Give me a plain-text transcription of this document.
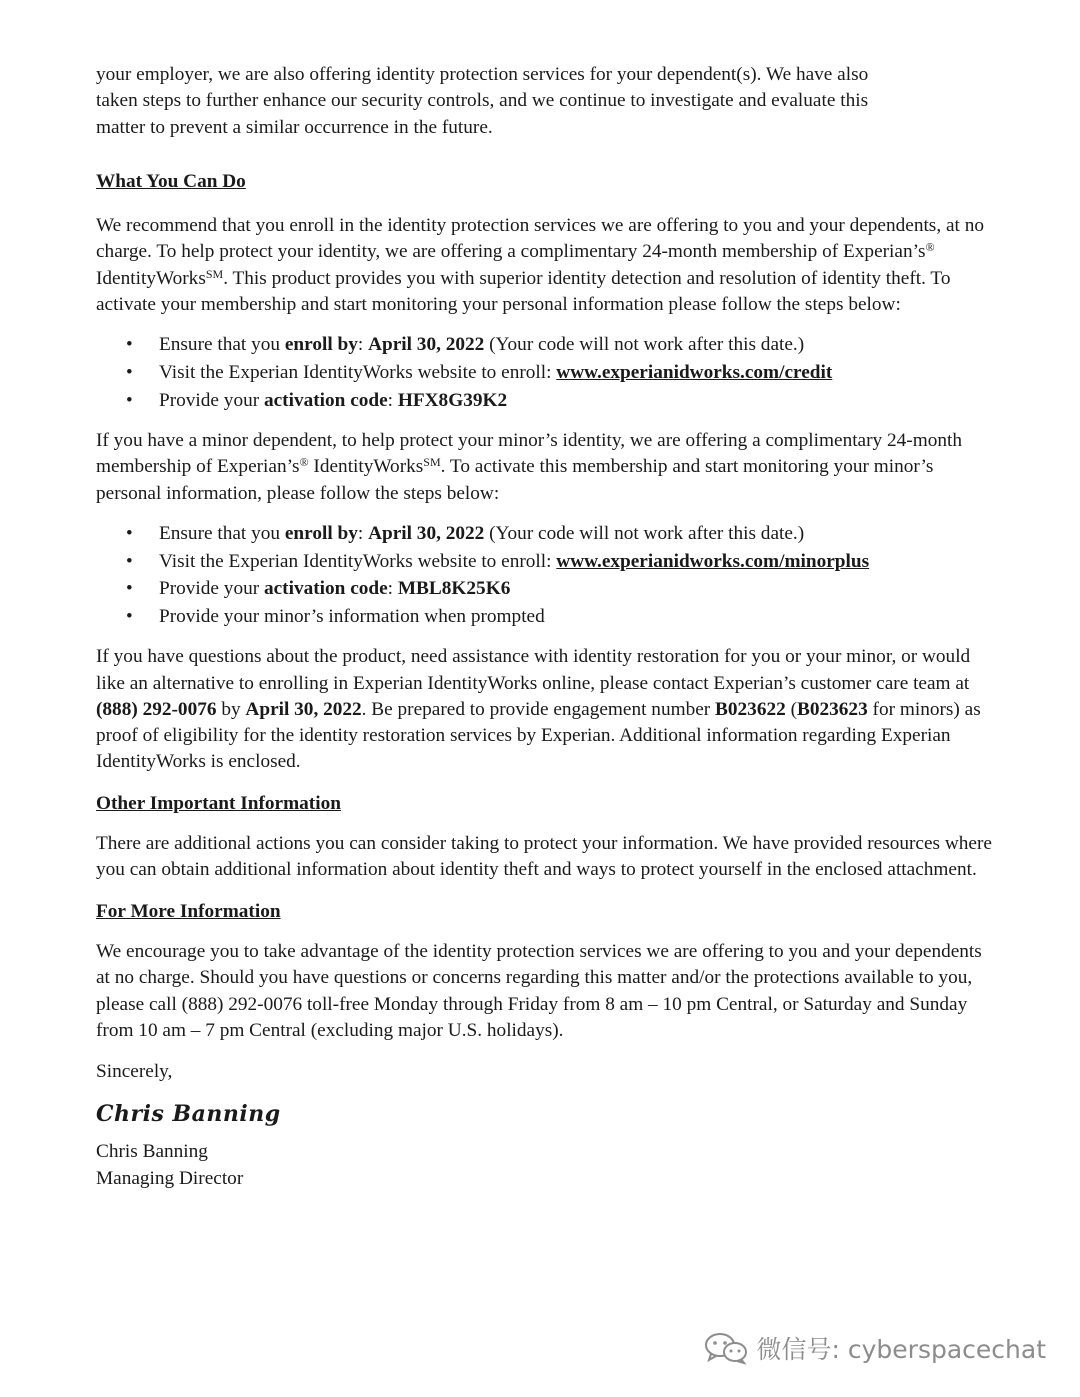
your employer, we are also offering identity protection services for your dependent(s). We have also
taken steps to further enhance our security controls, and we continue to investigate and evaluate this
matter to prevent a similar occurrence in the future.

What You Can Do

We recommend that you enroll in the identity protection services we are offering to you and your dependents, at no charge. To help protect your identity, we are offering a complimentary 24-month membership of Experian’s® IdentityWorks℠. This product provides you with superior identity detection and resolution of identity theft. To activate your membership and start monitoring your personal information please follow the steps below:

• Ensure that you enroll by: April 30, 2022 (Your code will not work after this date.)
• Visit the Experian IdentityWorks website to enroll: www.experianidworks.com/credit
• Provide your activation code: HFX8G39K2

If you have a minor dependent, to help protect your minor’s identity, we are offering a complimentary 24-month membership of Experian’s® IdentityWorks℠. To activate this membership and start monitoring your minor’s personal information, please follow the steps below:

• Ensure that you enroll by: April 30, 2022 (Your code will not work after this date.)
• Visit the Experian IdentityWorks website to enroll: www.experianidworks.com/minorplus
• Provide your activation code: MBL8K25K6
• Provide your minor’s information when prompted

If you have questions about the product, need assistance with identity restoration for you or your minor, or would like an alternative to enrolling in Experian IdentityWorks online, please contact Experian’s customer care team at (888) 292-0076 by April 30, 2022. Be prepared to provide engagement number B023622 (B023623 for minors) as proof of eligibility for the identity restoration services by Experian. Additional information regarding Experian IdentityWorks is enclosed.

Other Important Information

There are additional actions you can consider taking to protect your information. We have provided resources where you can obtain additional information about identity theft and ways to protect yourself in the enclosed attachment.

For More Information

We encourage you to take advantage of the identity protection services we are offering to you and your dependents at no charge. Should you have questions or concerns regarding this matter and/or the protections available to you, please call (888) 292-0076 toll-free Monday through Friday from 8 am – 10 pm Central, or Saturday and Sunday from 10 am – 7 pm Central (excluding major U.S. holidays).

Sincerely,

Chris Banning

Chris Banning

Managing Director

微信号: cyberspacechat
